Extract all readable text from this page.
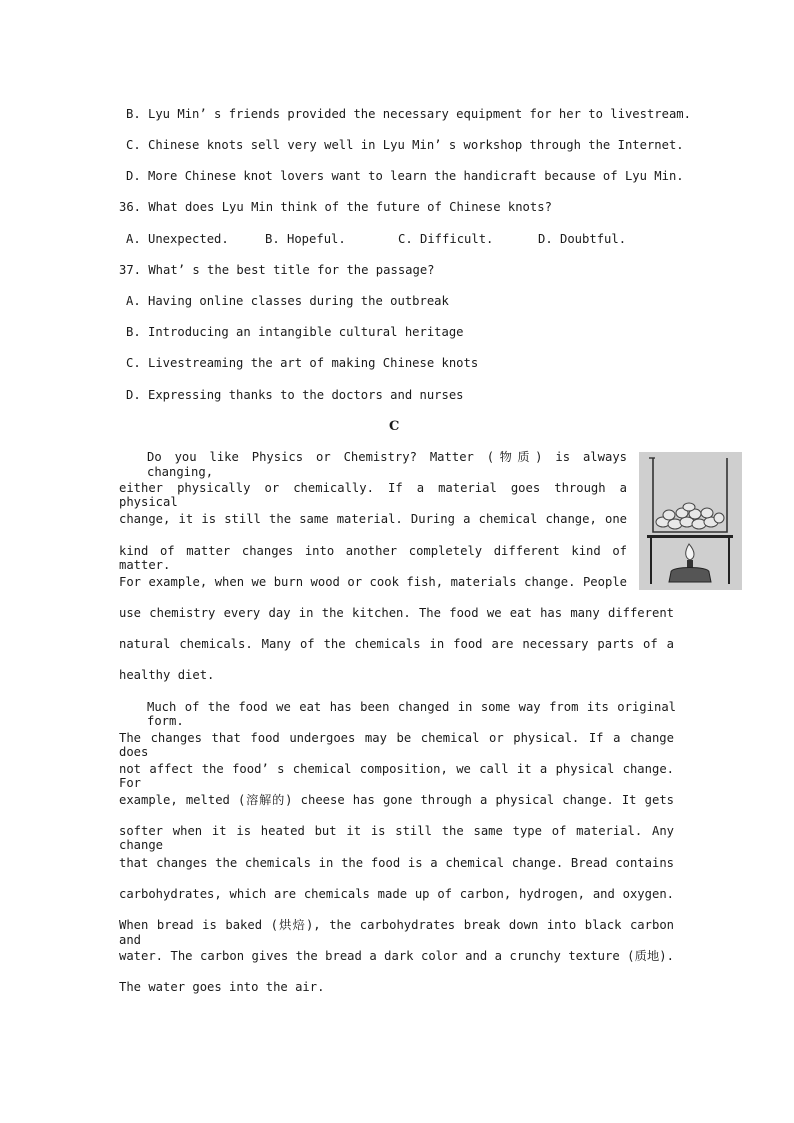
B. Lyu Min’ s friends provided the necessary equipment for her to livestream.
C. Chinese knots sell very well in Lyu Min’ s workshop through the Internet.
D. More Chinese knot lovers want to learn the handicraft because of Lyu Min.
36. What does Lyu Min think of the future of Chinese knots?
A. Unexpected.	B. Hopeful.	C. Difficult.	D. Doubtful.
37. What’ s the best title for the passage?
A. Having online classes during the outbreak
B. Introducing an intangible cultural heritage
C. Livestreaming the art of making Chinese knots
D. Expressing thanks to the doctors and nurses
C
Do you like Physics or Chemistry? Matter (物质) is always changing,
either physically or chemically. If a material goes through a physical
change, it is still the same material. During a chemical change, one
kind of matter changes into another completely different kind of matter.
For example, when we burn wood or cook fish, materials change. People
use chemistry every day in the kitchen. The food we eat has many different
natural chemicals. Many of the chemicals in food are necessary parts of a
healthy diet.
Much of the food we eat has been changed in some way from its original form.
The changes that food undergoes may be chemical or physical. If a change does
not affect the food’ s chemical composition, we call it a physical change. For
example, melted (溶解的) cheese has gone through a physical change. It gets
softer when it is heated but it is still the same type of material. Any change
that changes the chemicals in the food is a chemical change. Bread contains
carbohydrates, which are chemicals made up of carbon, hydrogen, and oxygen.
When bread is baked (烘焙), the carbohydrates break down into black carbon and
water. The carbon gives the bread a dark color and a crunchy texture (质地).
The water goes into the air.
